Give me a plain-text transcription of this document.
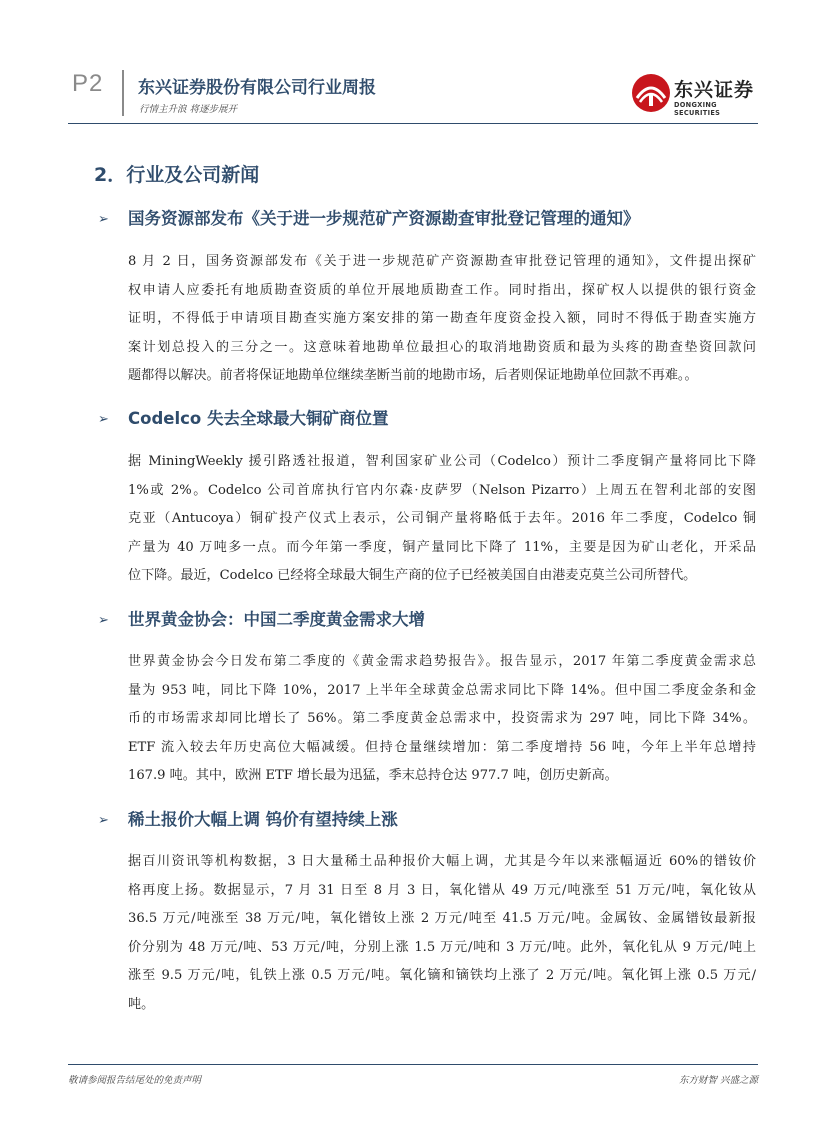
P2 东兴证券股份有限公司行业周报
行情主升浪 将逐步展开
东兴证券
DONGXING SECURITIES
2．行业及公司新闻
➢ 国务资源部发布《关于进一步规范矿产资源勘查审批登记管理的通知》
8 月 2 日，国务资源部发布《关于进一步规范矿产资源勘查审批登记管理的通知》，文件提出探矿
权申请人应委托有地质勘查资质的单位开展地质勘查工作。同时指出，探矿权人以提供的银行资金
证明，不得低于申请项目勘查实施方案安排的第一勘查年度资金投入额，同时不得低于勘查实施方
案计划总投入的三分之一。这意味着地勘单位最担心的取消地勘资质和最为头疼的勘查垫资回款问
题都得以解决。前者将保证地勘单位继续垄断当前的地勘市场，后者则保证地勘单位回款不再难。。
➢ Codelco 失去全球最大铜矿商位置
据 MiningWeekly 援引路透社报道，智利国家矿业公司（Codelco）预计二季度铜产量将同比下降
1%或 2%。Codelco 公司首席执行官内尔森·皮萨罗（Nelson Pizarro）上周五在智利北部的安图
克亚（Antucoya）铜矿投产仪式上表示，公司铜产量将略低于去年。2016 年二季度，Codelco 铜
产量为 40 万吨多一点。而今年第一季度，铜产量同比下降了 11%，主要是因为矿山老化，开采品
位下降。最近，Codelco 已经将全球最大铜生产商的位子已经被美国自由港麦克莫兰公司所替代。
➢ 世界黄金协会：中国二季度黄金需求大增
世界黄金协会今日发布第二季度的《黄金需求趋势报告》。报告显示，2017 年第二季度黄金需求总
量为 953 吨，同比下降 10%，2017 上半年全球黄金总需求同比下降 14%。但中国二季度金条和金
币的市场需求却同比增长了 56%。第二季度黄金总需求中，投资需求为 297 吨，同比下降 34%。
ETF 流入较去年历史高位大幅减缓。但持仓量继续增加：第二季度增持 56 吨，今年上半年总增持
167.9 吨。其中，欧洲 ETF 增长最为迅猛，季末总持仓达 977.7 吨，创历史新高。
➢ 稀土报价大幅上调 钨价有望持续上涨
据百川资讯等机构数据，3 日大量稀土品种报价大幅上调，尤其是今年以来涨幅逼近 60%的镨钕价
格再度上扬。数据显示，7 月 31 日至 8 月 3 日，氧化镨从 49 万元/吨涨至 51 万元/吨，氧化钕从
36.5 万元/吨涨至 38 万元/吨，氧化镨钕上涨 2 万元/吨至 41.5 万元/吨。金属钕、金属镨钕最新报
价分别为 48 万元/吨、53 万元/吨，分别上涨 1.5 万元/吨和 3 万元/吨。此外，氧化钆从 9 万元/吨上
涨至 9.5 万元/吨，钆铁上涨 0.5 万元/吨。氧化镝和镝铁均上涨了 2 万元/吨。氧化铒上涨 0.5 万元/
吨。
敬请参阅报告结尾处的免责声明	东方财智 兴盛之源
